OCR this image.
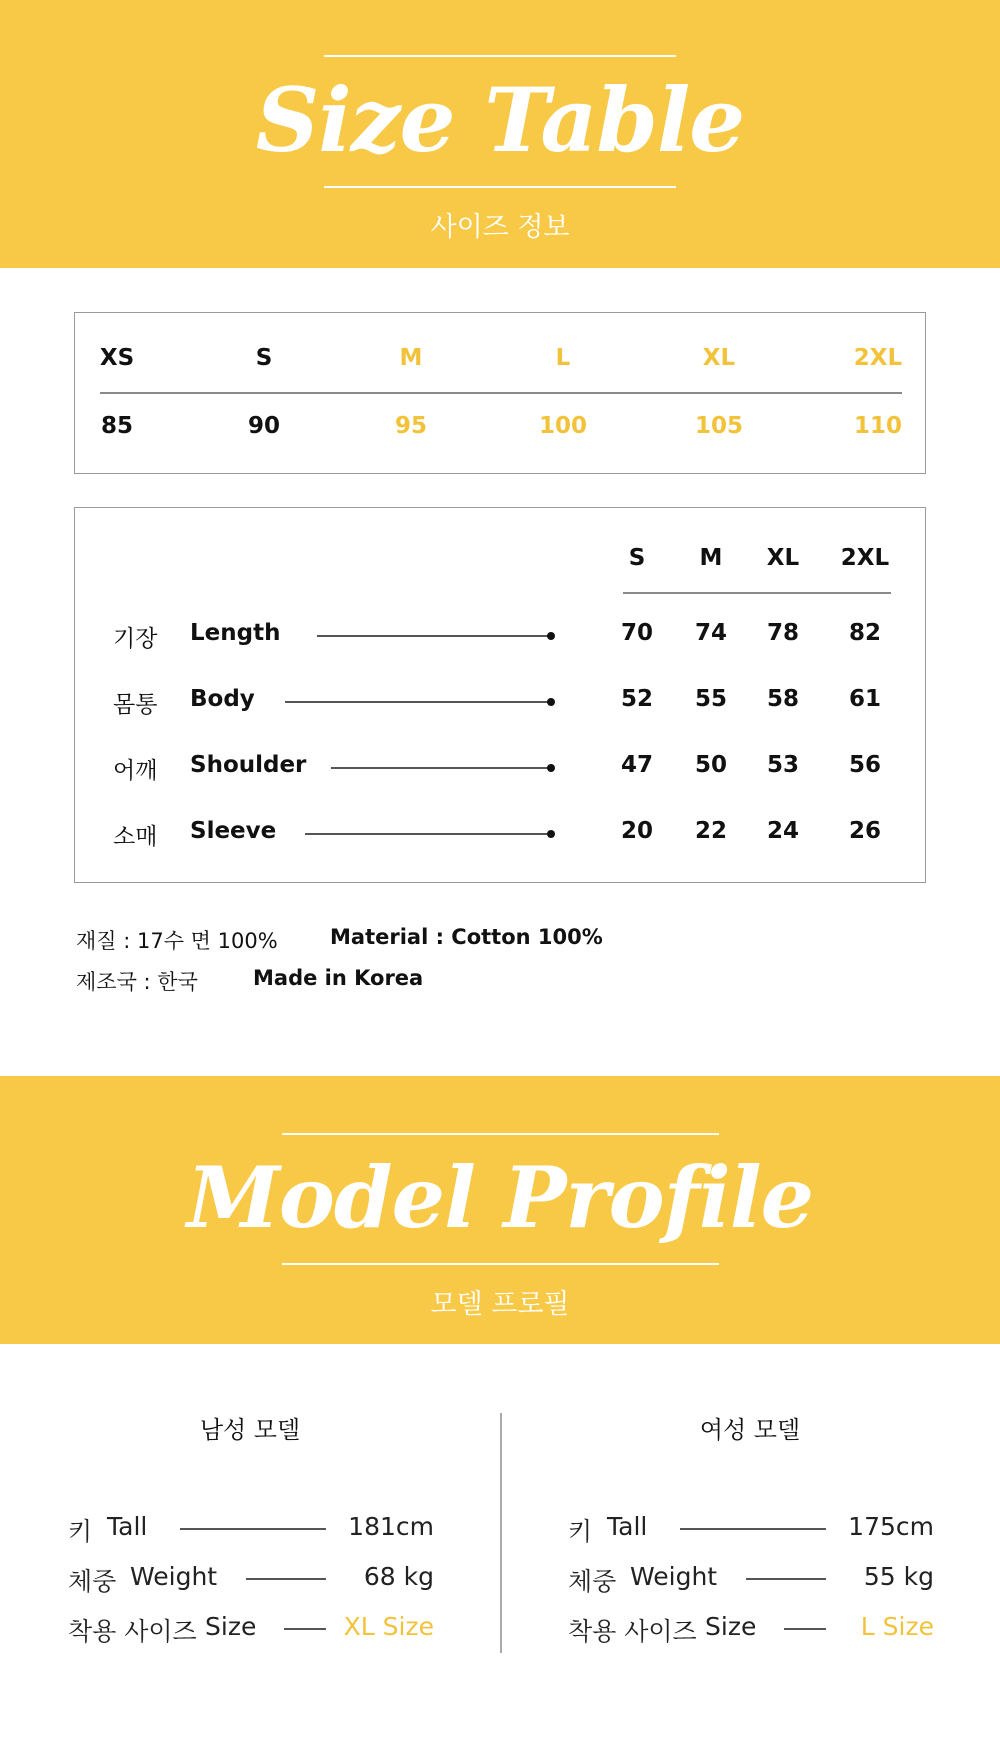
Size Table
사이즈 정보
XS	S	M	L	XL	2XL
85	90	95	100	105	110
S	M	XL	2XL
기장 Length	70	74	78	82
몸통 Body	52	55	58	61
어깨 Shoulder	47	50	53	56
소매 Sleeve	20	22	24	26
재질 : 17수 면 100% Material : Cotton 100%
제조국 : 한국	Made in Korea
Model Profile
모델 프로필
남성 모델
키 Tall	181cm
체중 Weight	68 kg
착용 사이즈 Size	XL Size
여성 모델
키 Tall	175cm
체중 Weight	55 kg
착용 사이즈 Size	L Size
